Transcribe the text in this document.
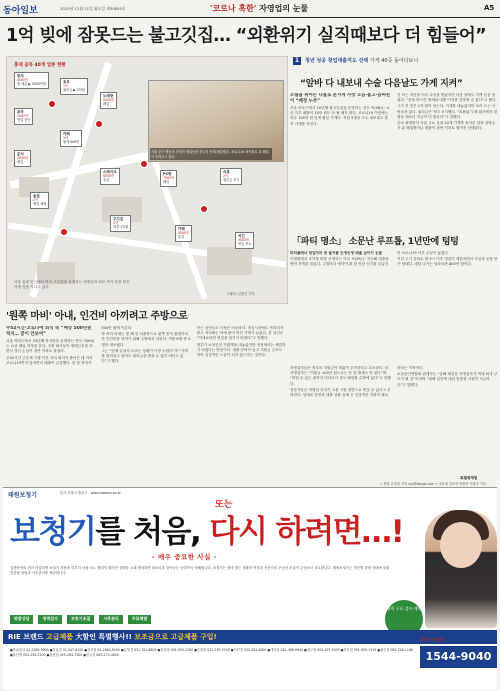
동아일보	2020년 12월 21일 월요일 제30855호	'코로나 혹한' 자영업의 눈물	A5
1억 빚에 잠못드는 불고깃집… “외환위기 실직때보다 더 힘들어”
홍대 골목 40개 업종 현황
서울 중구 명동의 가게가 영업난을 견디지 못해 폐업했다. 코로나19 장기화로 휴·폐업이 잇따르고 있다.
한식
4000만
월 매출 ▶ 2000만원
호프
1억
권리금 ▶ 2억원
노래방
5000만
폐업
포차
3000만
영업 중단
카페
1억
월세 500만
분식
2000만
폐업
스테이크
6000만
휴업
PC방
7000만
폐업
의류
2억
권리금 포기
술집
1억
폐업 예정
고깃집
1억
대출 1억원	카페
5000만
휴업	치킨
3000만
영업 축소
서울 홍대 인근에서 한식 고깃집을 운영하는 자영업자 최모 씨가 문을 닫은 가게 앞을 지나고 있다.
그래픽=김충민 기자
1	청년 성공 창업대출직도 선택 가게 40곳 돌아다보니
“알바 다 내보내 수술 다음날도 가게 지켜”

소림을 위어든 나홀로 운거게 사장 오음·불고·음씨뒨이 “배정 누추”

서울 마포구에서 10년째 불고깃집을 운영하는 김모 씨(58)는 요즘 하루 매출이 10만 원도 안 될 때가 많다. 코로나19 이전에는 하루 100만 원 넘게 팔던 가게다. 직원 5명을 모두 내보내고 혼자 가게를 지킨다.

김 씨는 지난달 허리 수술을 받았지만 다음 날에도 가게 문을 열었다. “문을 닫으면 월세와 대출 이자를 감당할 수 없다”고 했다.

그가 진 빚은 1억 원이 넘는다. 가게를 내놓았지만 보러 오는 사람조차 없다. 권리금은 이미 포기했다. “외환위기 때 회사에서 잘렸을 때보다 지금이 더 힘들다”고 말했다.

본보 취재팀이 서울 주요 상권 40개 가게를 돌아본 결과 상당수가 휴·폐업했거나 매출이 절반 이하로 떨어진 상태였다.

「파티 명소」 소문난 루프톱, 1년만에 텅텅

파티플래너 창업자의 꿈 물거품 인생인생 매출 남아가 눈물

이태원에서 루프톱 바를 운영하는 이모 씨(35)는 지난해 대출을 받아 가게를 열었다. 주말마다 예약이 꽉 찰 만큼 인기를 끌었지만 코로나19 이후 손님이 끊겼다.

거리 두기 강화로 밤 9시 이후 영업이 제한되면서 사실상 문을 닫은 상태다. 매달 나가는 임차료만 800만 원이다.

자영업자들은 정부의 지원금이 턱없이 부족하다고 호소한다. 한 자영업자는 “지원금 100만 원으로는 한 달 월세도 안 된다”며 “버틸 수 있는 데까지 버티다가 결국 폐업할 수밖에 없다”고 말했다.

전문가들은 자영업 붕괴가 고용 시장 전반으로 번질 수 있다고 우려한다. 임대료 감면과 대출 상환 유예 등 실질적인 지원이 필요하다는 지적이다.

소상공인연합회 관계자는 “올해 폐업한 자영업자가 역대 최대 규모가 될 것”이라며 “피해 업종에 대한 맞춤형 지원이 시급하다”고 말했다.

특별취재팀
▽ 팀장 유성열 기자 ryu@donga.com ▽ 조응형 김소영 박종민 이청아 기자
'원쪽 마비' 아내, 인건비 아끼려고 주방으로

주52시간·코로나에 회식 뚝 “매상 500만원 적자… 끝이 안보여”

서울 여의도에서 25년째 한식당을 운영하는 박모 씨(63)는 요즘 매일 적자를 본다. 주변 회사들이 재택근무를 하면서 점심 손님이 절반 이하로 줄었다.

주52시간 근무제 시행 이후 저녁 회식이 줄어든 데 이어 코로나19까지 덮치면서 매출이 급감했다. 한 달 적자가 500만 원에 이른다.

박 씨의 아내는 몇 해 전 뇌졸중으로 왼쪽 몸이 불편하지만 인건비를 아끼기 위해 주방에서 일한다. 직원 6명 중 4명을 내보냈다.

그는 “언제 끝날지 모르는 상황이 가장 두렵다”며 “가게를 정리하고 싶어도 권리금을 받을 수 없어 버티고 있다”고 했다.

인근 상인들도 사정은 비슷하다. 점심시간에도 빈자리가 많고 저녁에는 아예 불이 꺼진 가게가 늘었다. 한 상인은 “이대로라면 연말을 넘기기 어렵다”고 말했다.

정부가 소상공인 지원책을 내놓았지만 현장에서는 체감하기 어렵다는 반응이다. 대출 문턱이 높고 지원금 규모도 작아 실질적인 도움이 되지 않는다는 것이다.

태원보청기	본사 서울시 종로구 · www.taewon.co.kr
또는
보청기를 처음, 다시 하려면…!
- 매우 중요한 사실 -
일생한번의 귀가 어렵다면 보청기 착용을 미루지 마십시오. 청력이 떨어진 상태를 오래 방치하면 말소리를 알아듣는 능력까지 약해집니다. 보청기는 귀에 맞는 정확한 측정과 전문가의 꾸준한 조절이 무엇보다 중요합니다. 태원보청기는 개인별 청력 상태에 맞춘 맞춤형 상담과 사후관리를 제공합니다.
맞춤상담	청력검사	보청기조절	사후관리	무료체험
청력 무료 검사 예약
RIE 브랜드 고급제품 大할인 특별행사!! 보조금으로 고급제품 구입!	전국 무료상담
1544-9040
●종로본사 02-2269-5600 ●강남점 02-547-6100 ●강서점 02-2664-8500 ●분당점 031-702-8800 ●일산점 031-905-2300 ●수원점 031-235-5500 ●인천점 032-434-4600 ●대전점 042-486-9944 ●대구점 053-425-3000 ●부산점 051-809-1919 ●광주점 062-226-1188 ●울산점 052-258-2200 ●창원점 055-264-7300 ●전주점 063-274-4600
